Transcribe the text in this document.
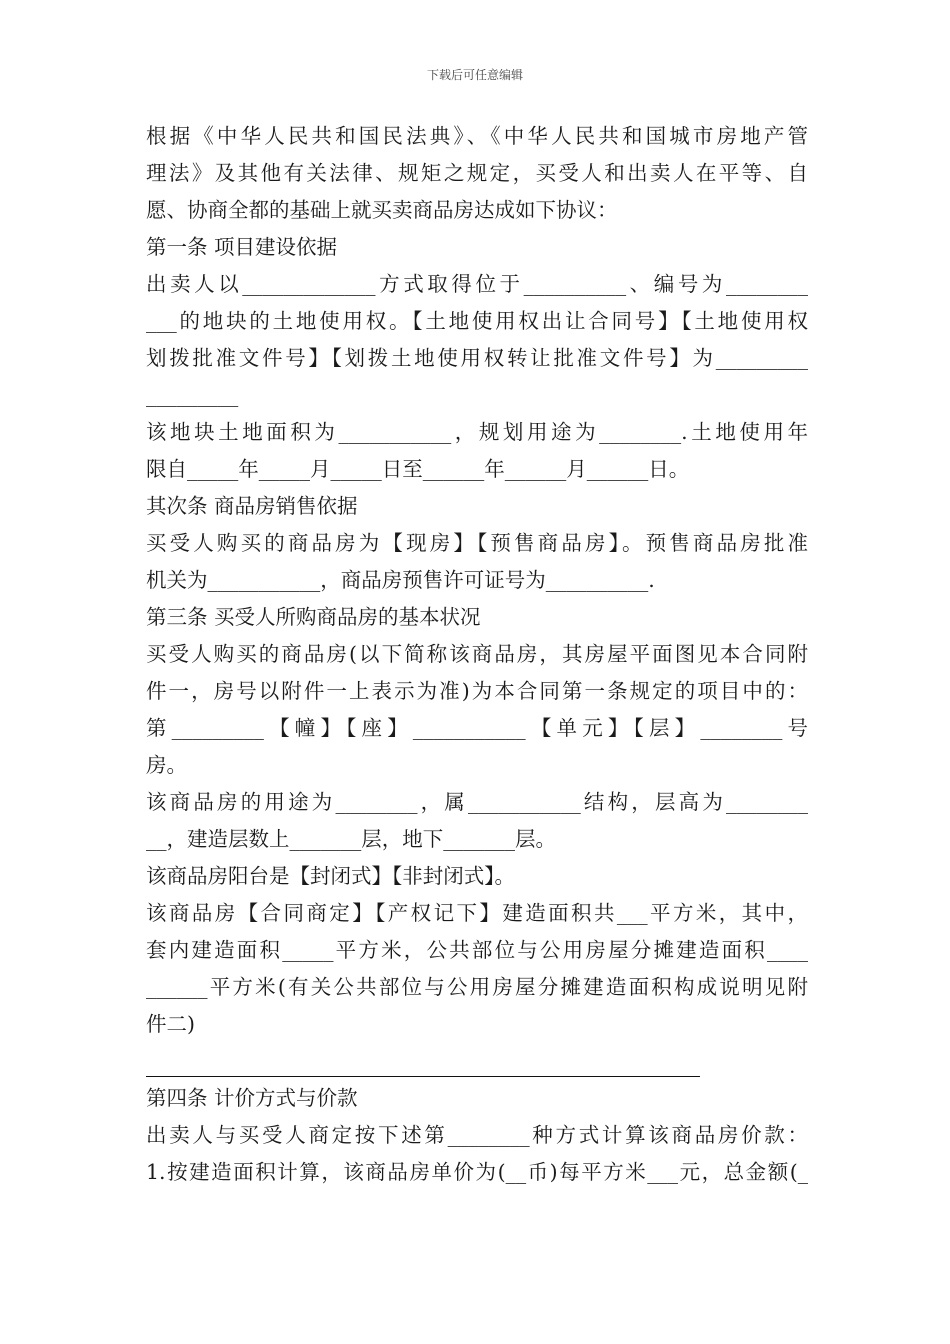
下载后可任意编辑
根据《中华人民共和国民法典》、《中华人民共和国城市房地产管
理法》及其他有关法律、规矩之规定，买受人和出卖人在平等、自
愿、协商全都的基础上就买卖商品房达成如下协议：
第一条 项目建设依据
出卖人以_____________方式取得位于__________、编号为________
___的地块的土地使用权。【土地使用权出让合同号】【土地使用权
划拨批准文件号】【划拨土地使用权转让批准文件号】为_________
_________
该地块土地面积为___________，规划用途为________.土地使用年
限自_____年_____月_____日至______年______月______日。
其次条 商品房销售依据
买受人购买的商品房为【现房】【预售商品房】。预售商品房批准
机关为___________，商品房预售许可证号为__________.
第三条 买受人所购商品房的基本状况
买受人购买的商品房(以下简称该商品房，其房屋平面图见本合同附
件一，房号以附件一上表示为准)为本合同第一条规定的项目中的：
第_________【幢】【座】___________【单元】【层】________号
房。
该商品房的用途为________，属___________结构，层高为________
__，建造层数上_______层，地下_______层。
该商品房阳台是【封闭式】【非封闭式】。
该商品房【合同商定】【产权记下】建造面积共___平方米，其中，
套内建造面积_____平方米，公共部位与公用房屋分摊建造面积____
______平方米(有关公共部位与公用房屋分摊建造面积构成说明见附
件二)
第四条 计价方式与价款
出卖人与买受人商定按下述第________种方式计算该商品房价款：
1.按建造面积计算，该商品房单价为(__币)每平方米___元，总金额(_
